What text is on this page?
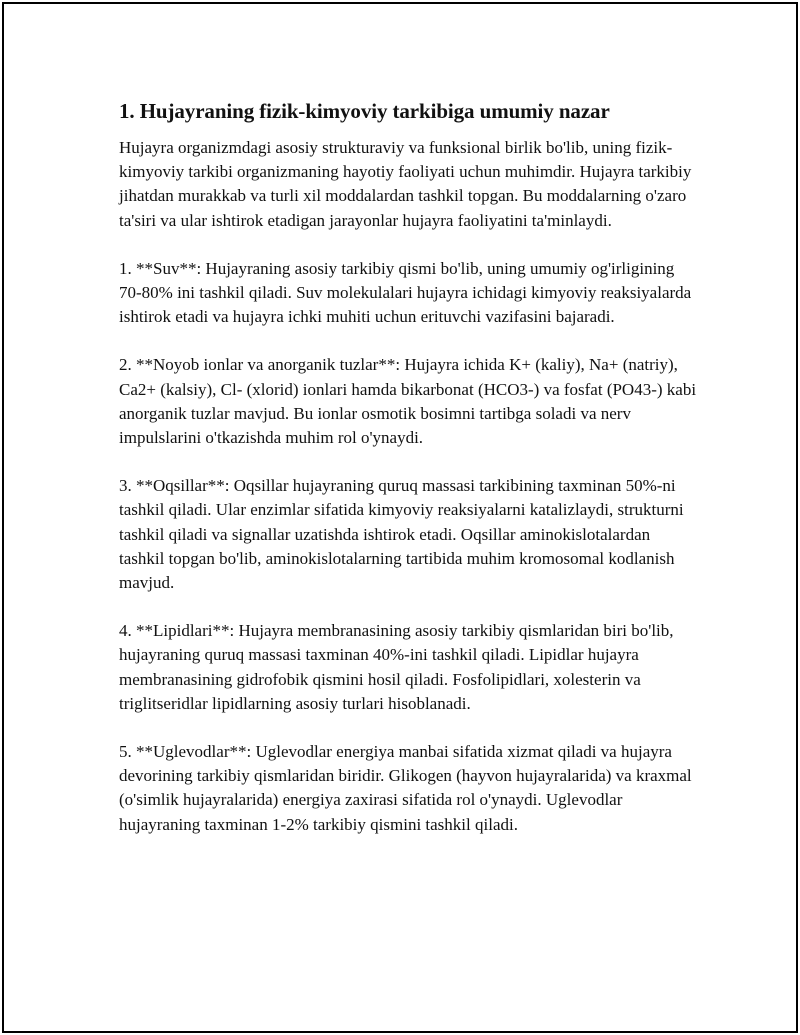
1. Hujayraning fizik-kimyoviy tarkibiga umumiy nazar

Hujayra organizmdagi asosiy strukturaviy va funksional birlik bo'lib, uning fizik-kimyoviy tarkibi organizmaning hayotiy faoliyati uchun muhimdir. Hujayra tarkibiy jihatdan murakkab va turli xil moddalardan tashkil topgan. Bu moddalarning o'zaro ta'siri va ular ishtirok etadigan jarayonlar hujayra faoliyatini ta'minlaydi.

1. **Suv**: Hujayraning asosiy tarkibiy qismi bo'lib, uning umumiy og'irligining 70-80% ini tashkil qiladi. Suv molekulalari hujayra ichidagi kimyoviy reaksiyalarda ishtirok etadi va hujayra ichki muhiti uchun erituvchi vazifasini bajaradi.

2. **Noyob ionlar va anorganik tuzlar**: Hujayra ichida K+ (kaliy), Na+ (natriy), Ca2+ (kalsiy), Cl- (xlorid) ionlari hamda bikarbonat (HCO3-) va fosfat (PO43-) kabi anorganik tuzlar mavjud. Bu ionlar osmotik bosimni tartibga soladi va nerv impulslarini o'tkazishda muhim rol o'ynaydi.

3. **Oqsillar**: Oqsillar hujayraning quruq massasi tarkibining taxminan 50%-ni tashkil qiladi. Ular enzimlar sifatida kimyoviy reaksiyalarni katalizlaydi, strukturni tashkil qiladi va signallar uzatishda ishtirok etadi. Oqsillar aminokislotalardan tashkil topgan bo'lib, aminokislotalarning tartibida muhim kromosomal kodlanish mavjud.

4. **Lipidlari**: Hujayra membranasining asosiy tarkibiy qismlaridan biri bo'lib, hujayraning quruq massasi taxminan 40%-ini tashkil qiladi. Lipidlar hujayra membranasining gidrofobik qismini hosil qiladi. Fosfolipidlari, xolesterin va triglitseridlar lipidlarning asosiy turlari hisoblanadi.

5. **Uglevodlar**: Uglevodlar energiya manbai sifatida xizmat qiladi va hujayra devorining tarkibiy qismlaridan biridir. Glikogen (hayvon hujayralarida) va kraxmal (o'simlik hujayralarida) energiya zaxirasi sifatida rol o'ynaydi. Uglevodlar hujayraning taxminan 1-2% tarkibiy qismini tashkil qiladi.
